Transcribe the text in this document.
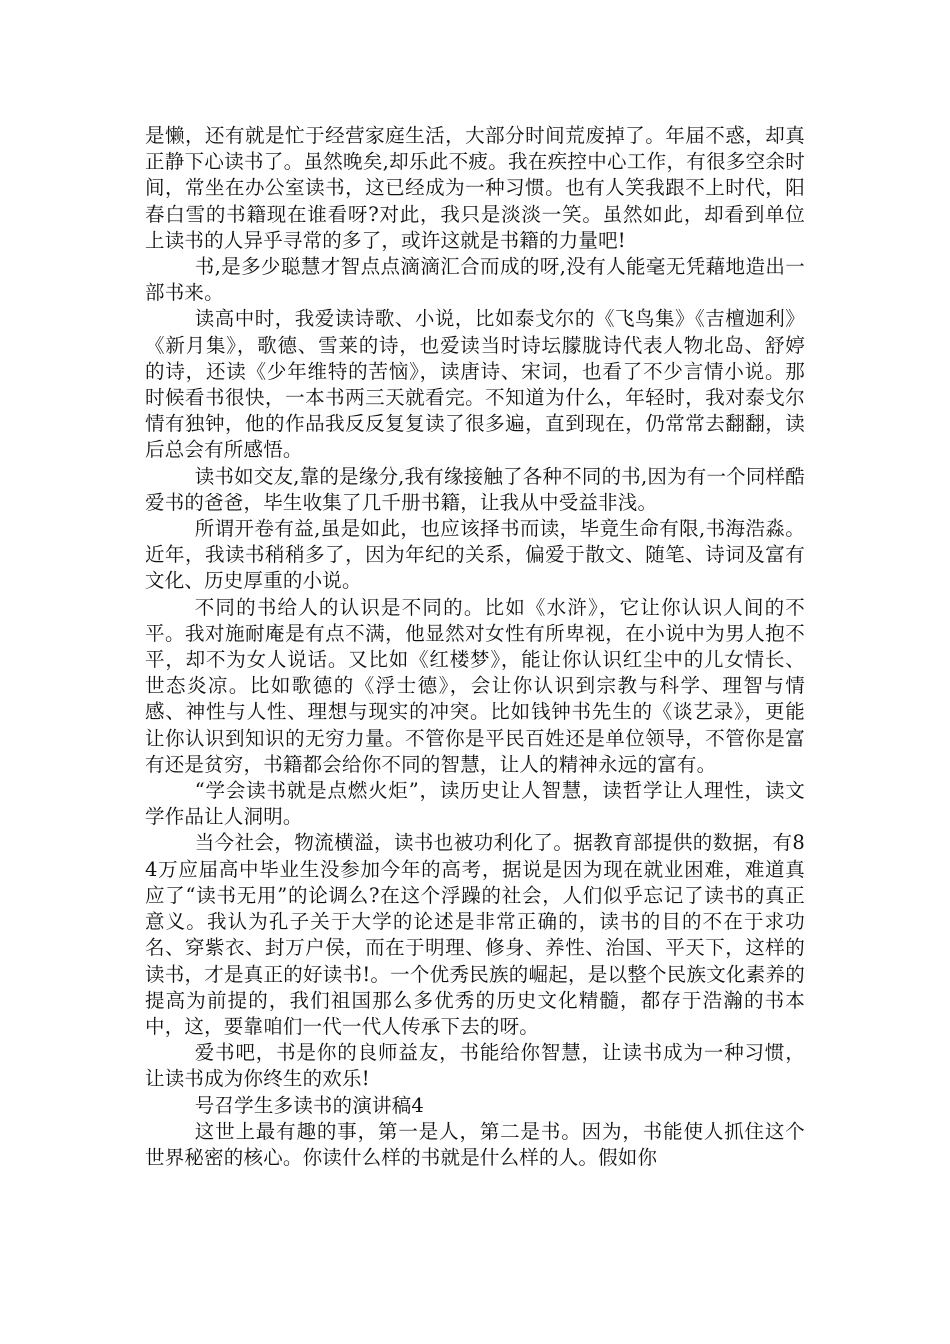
是懒，还有就是忙于经营家庭生活，大部分时间荒废掉了。年届不惑，却真正静下心读书了。虽然晚矣,却乐此不疲。我在疾控中心工作，有很多空余时间，常坐在办公室读书，这已经成为一种习惯。也有人笑我跟不上时代，阳春白雪的书籍现在谁看呀?对此，我只是淡淡一笑。虽然如此，却看到单位上读书的人异乎寻常的多了，或许这就是书籍的力量吧!

书,是多少聪慧才智点点滴滴汇合而成的呀,没有人能毫无凭藉地造出一部书来。

读高中时，我爱读诗歌、小说，比如泰戈尔的《飞鸟集》《吉檀迦利》《新月集》，歌德、雪莱的诗，也爱读当时诗坛朦胧诗代表人物北岛、舒婷的诗，还读《少年维特的苦恼》，读唐诗、宋词，也看了不少言情小说。那时候看书很快，一本书两三天就看完。不知道为什么，年轻时，我对泰戈尔情有独钟，他的作品我反反复复读了很多遍，直到现在，仍常常去翻翻，读后总会有所感悟。

读书如交友,靠的是缘分,我有缘接触了各种不同的书,因为有一个同样酷爱书的爸爸，毕生收集了几千册书籍，让我从中受益非浅。

所谓开卷有益,虽是如此，也应该择书而读，毕竟生命有限,书海浩淼。近年，我读书稍稍多了，因为年纪的关系，偏爱于散文、随笔、诗词及富有文化、历史厚重的小说。

不同的书给人的认识是不同的。比如《水浒》，它让你认识人间的不平。我对施耐庵是有点不满，他显然对女性有所卑视，在小说中为男人抱不平，却不为女人说话。又比如《红楼梦》，能让你认识红尘中的儿女情长、世态炎凉。比如歌德的《浮士德》，会让你认识到宗教与科学、理智与情感、神性与人性、理想与现实的冲突。比如钱钟书先生的《谈艺录》，更能让你认识到知识的无穷力量。不管你是平民百姓还是单位领导，不管你是富有还是贫穷，书籍都会给你不同的智慧，让人的精神永远的富有。

“学会读书就是点燃火炬”，读历史让人智慧，读哲学让人理性，读文学作品让人洞明。

当今社会，物流横溢，读书也被功利化了。据教育部提供的数据，有84万应届高中毕业生没参加今年的高考，据说是因为现在就业困难，难道真应了“读书无用”的论调么?在这个浮躁的社会，人们似乎忘记了读书的真正意义。我认为孔子关于大学的论述是非常正确的，读书的目的不在于求功名、穿紫衣、封万户侯，而在于明理、修身、养性、治国、平天下，这样的读书，才是真正的好读书!。一个优秀民族的崛起，是以整个民族文化素养的提高为前提的，我们祖国那么多优秀的历史文化精髓，都存于浩瀚的书本中，这，要靠咱们一代一代人传承下去的呀。

爱书吧，书是你的良师益友，书能给你智慧，让读书成为一种习惯，让读书成为你终生的欢乐!

号召学生多读书的演讲稿4

这世上最有趣的事，第一是人，第二是书。因为，书能使人抓住这个世界秘密的核心。你读什么样的书就是什么样的人。假如你
